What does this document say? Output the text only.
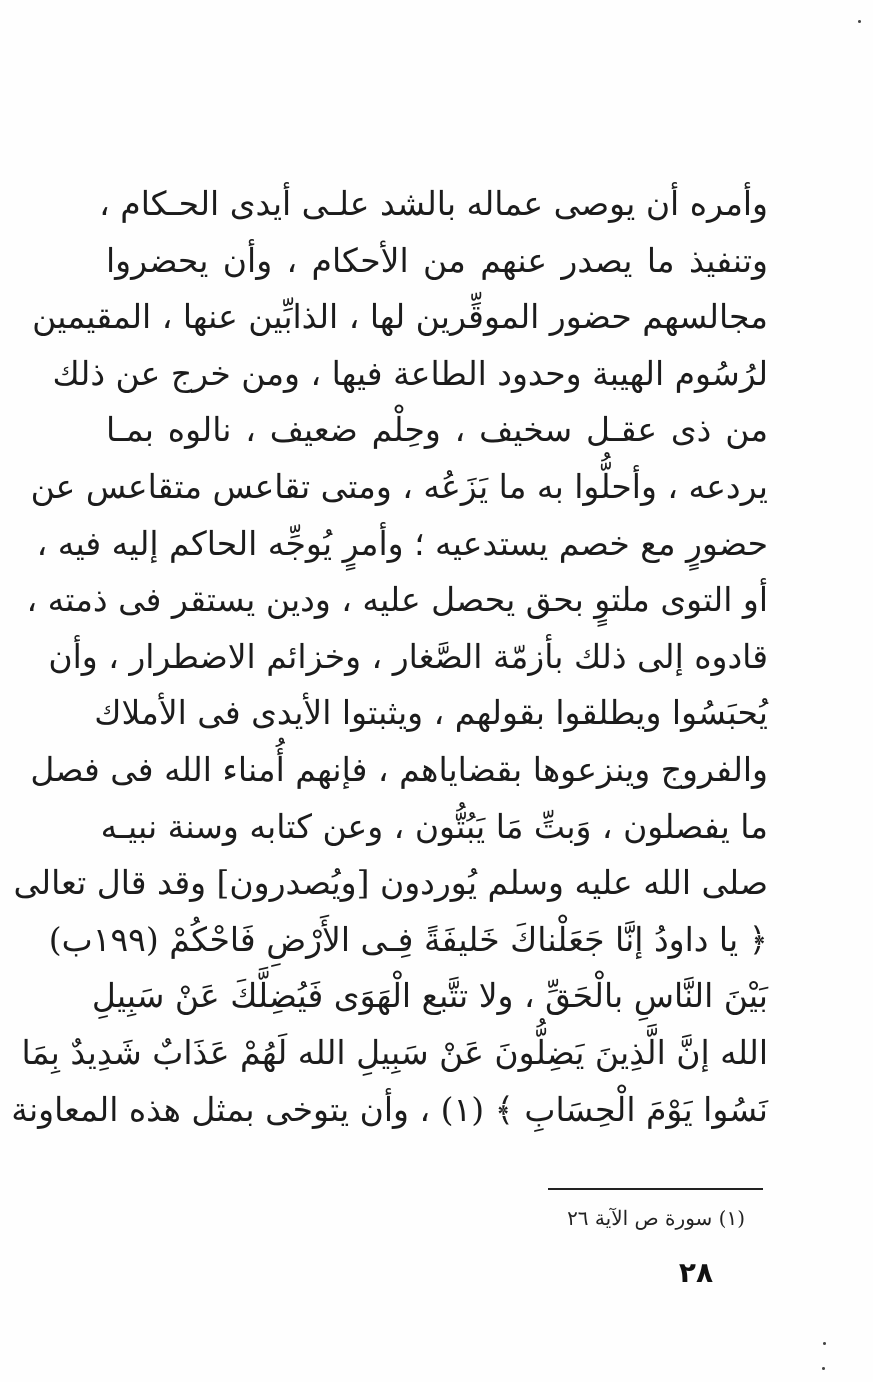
وأمره أن يوصى عماله بالشد علـى أيدى الحـكام ،
وتنفيذ ما يصدر عنهم من الأحكام ، وأن يحضروا
مجالسهم حضور الموقِّرين لها ، الذابِّين عنها ، المقيمين
لرُسُوم الهيبة وحدود الطاعة فيها ، ومن خرج عن ذلك
من ذى عقـل سخيف ، وحِلْم ضعيف ، نالوه بمـا
يردعه ، وأحلُّوا به ما يَزَعُه ، ومتى تقاعس متقاعس عن
حضورٍ مع خصم يستدعيه ؛ وأمرٍ يُوجِّه الحاكم إليه فيه ،
أو التوى ملتوٍ بحق يحصل عليه ، ودين يستقر فى ذمته ،
قادوه إلى ذلك بأزمّة الصَّغار ، وخزائم الاضطرار ، وأن
يُحبَسُوا ويطلقوا بقولهم ، ويثبتوا الأيدى فى الأملاك
والفروج وينزعوها بقضاياهم ، فإنهم أُمناء الله فى فصل
ما يفصلون ، وَبتِّ مَا يَبُتُّون ، وعن كتابه وسنة نبيـه
صلى الله عليه وسلم يُوردون [ويُصدرون] وقد قال تعالى
﴿ يا داودُ إنَّا جَعَلْناكَ خَليفَةً فِـى الأَرْضِ فَاحْكُمْ (١٩٩ب)
بَيْنَ النَّاسِ بالْحَقِّ ، ولا تتَّبع الْهَوَى فَيُضِلَّكَ عَنْ سَبِيلِ
الله إنَّ الَّذِينَ يَضِلُّونَ عَنْ سَبِيلِ الله لَهُمْ عَذَابٌ شَدِيدٌ بِمَا
نَسُوا يَوْمَ الْحِسَابِ ﴾ (١) ، وأن يتوخى بمثل هذه المعاونة
(١) سورة ص الآية ٢٦
٢٨
